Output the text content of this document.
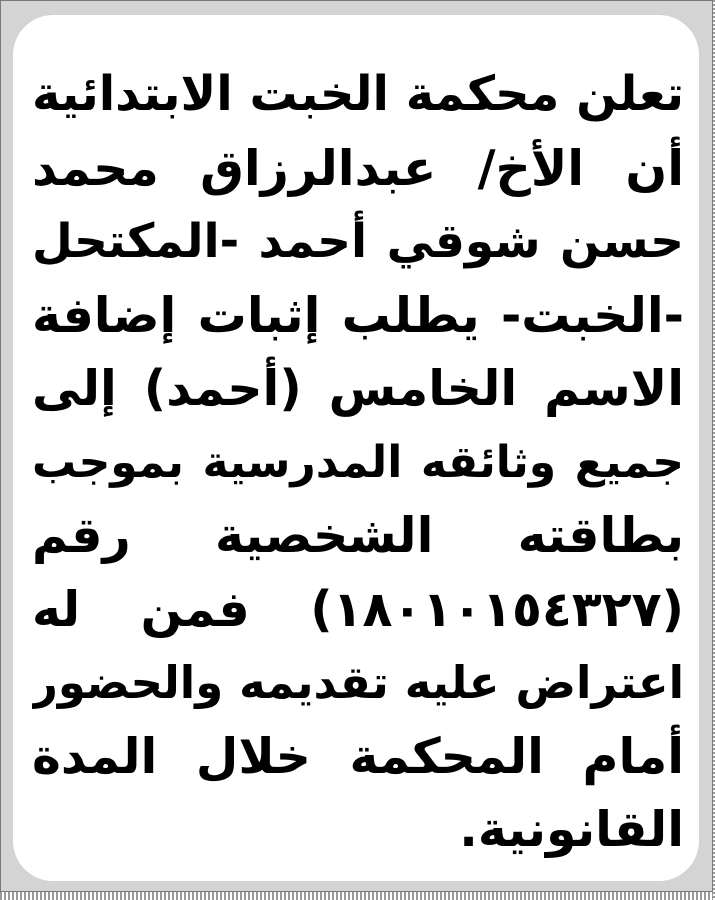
تعلن محكمة الخبت الابتدائية
أن الأخ/ عبدالرزاق محمد
حسن شوقي أحمد -المكتحل
-الخبت- يطلب إثبات إضافة
الاسم الخامس (أحمد) إلى
جميع وثائقه المدرسية بموجب
بطاقته الشخصية رقم
(١٨٠١٠١٥٤٣٢٧) فمن له
اعتراض عليه تقديمه والحضور
أمام المحكمة خلال المدة
القانونية.
